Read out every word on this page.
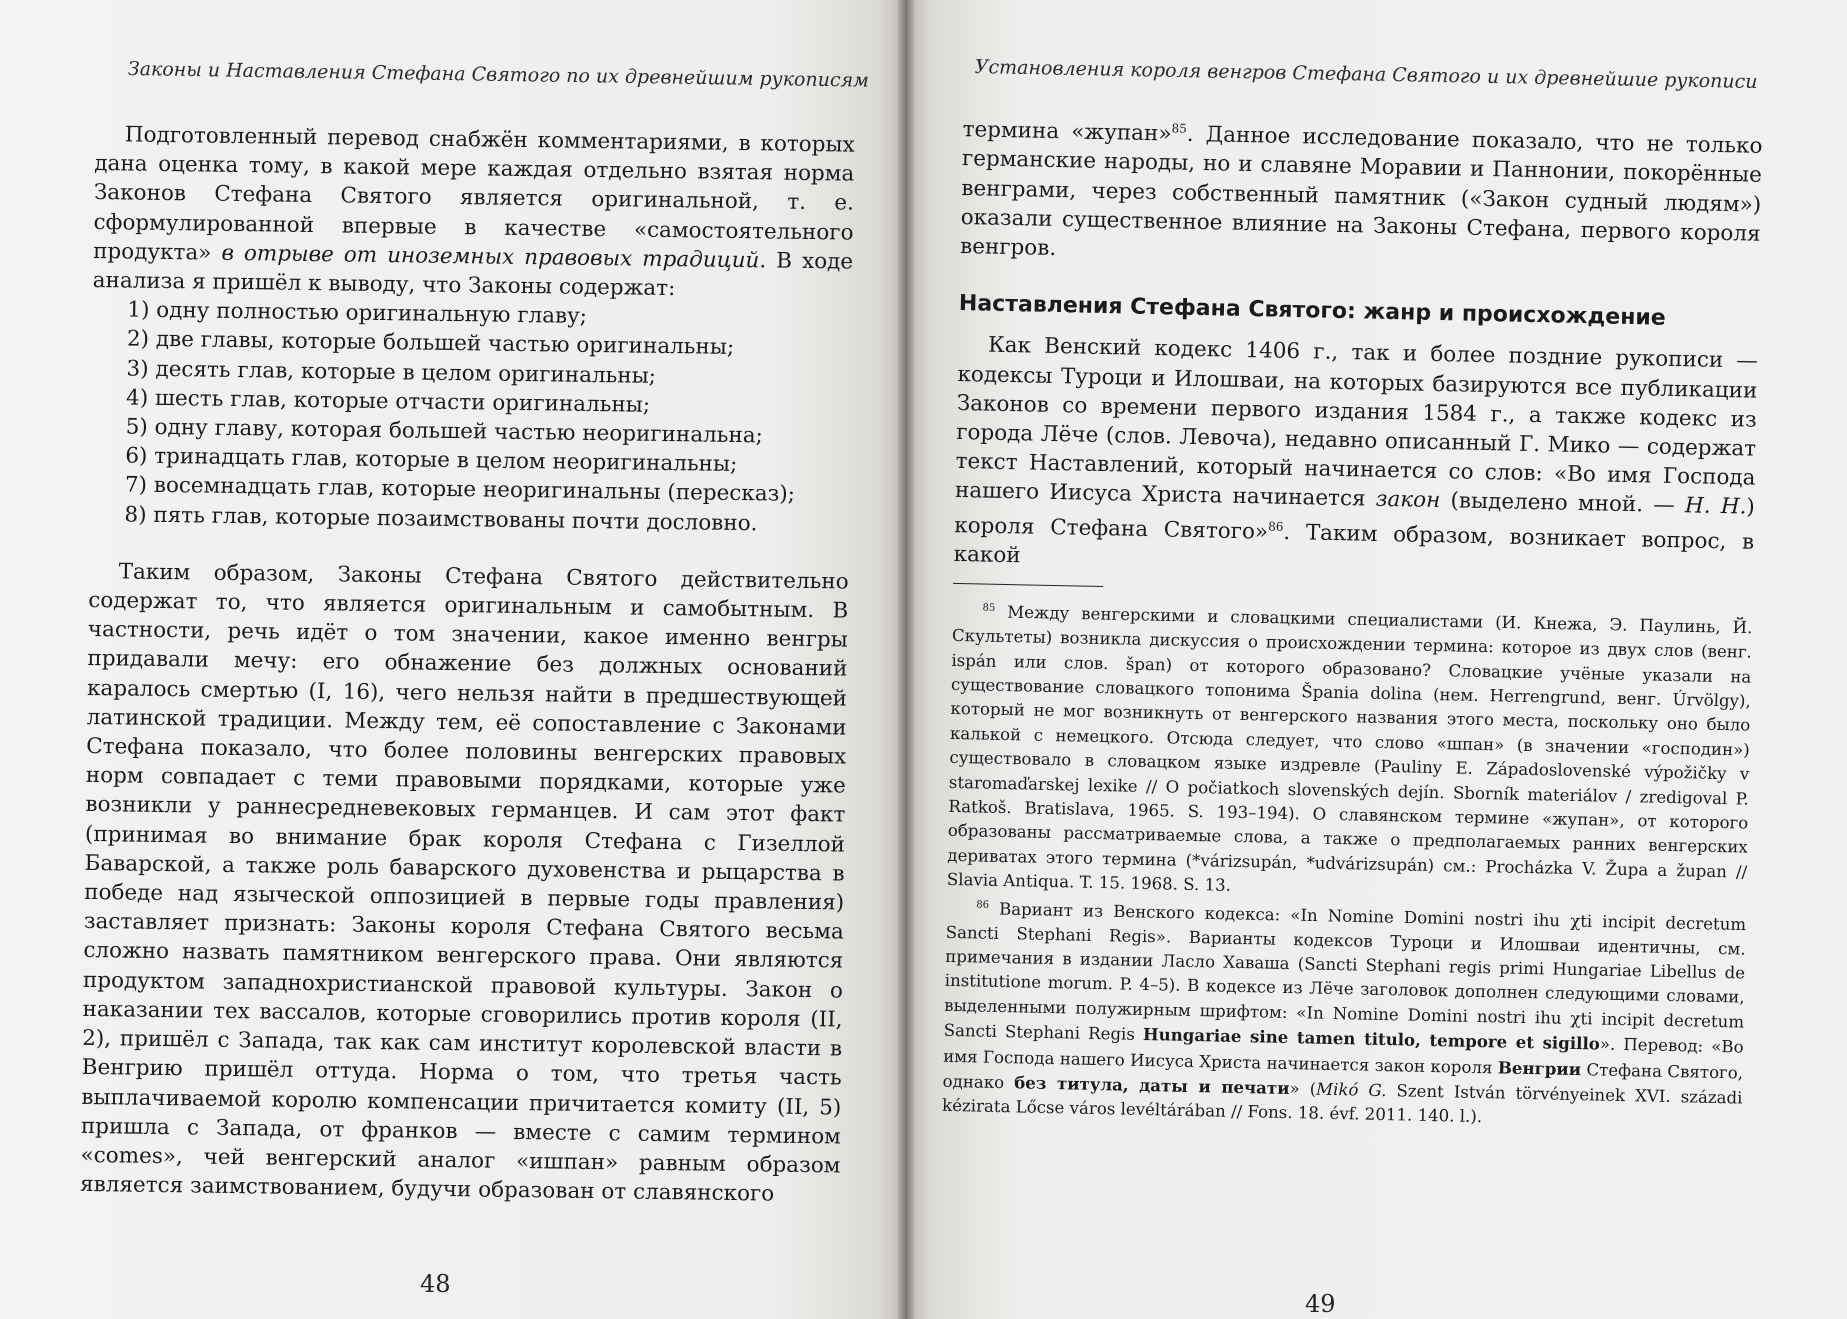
Законы и Наставления Стефана Святого по их древнейшим рукописям

Подготовленный перевод снабжён комментариями, в которых дана оценка тому, в какой мере каждая отдельно взятая норма Законов Стефана Святого является оригинальной, т. е. сформулированной впервые в качестве «самостоятельного продукта» в отрыве от иноземных правовых традиций. В ходе анализа я пришёл к выводу, что Законы содержат:

1) одну полностью оригинальную главу;
2) две главы, которые большей частью оригинальны;
3) десять глав, которые в целом оригинальны;
4) шесть глав, которые отчасти оригинальны;
5) одну главу, которая большей частью неоригинальна;
6) тринадцать глав, которые в целом неоригинальны;
7) восемнадцать глав, которые неоригинальны (пересказ);
8) пять глав, которые позаимствованы почти дословно.

Таким образом, Законы Стефана Святого действительно содержат то, что является оригинальным и самобытным. В частности, речь идёт о том значении, какое именно венгры придавали мечу: его обнажение без должных оснований каралось смертью (I, 16), чего нельзя найти в предшествующей латинской традиции. Между тем, её сопоставление с Законами Стефана показало, что более половины венгерских правовых норм совпадает с теми правовыми порядками, которые уже возникли у раннесредневековых германцев. И сам этот факт (принимая во внимание брак короля Стефана с Гизеллой Баварской, а также роль баварского духовенства и рыцарства в победе над языческой оппозицией в первые годы правления) заставляет признать: Законы короля Стефана Святого весьма сложно назвать памятником венгерского права. Они являются продуктом западнохристианской правовой культуры. Закон о наказании тех вассалов, которые сговорились против короля (II, 2), пришёл с Запада, так как сам институт королевской власти в Венгрию пришёл оттуда. Норма о том, что третья часть выплачиваемой королю компенсации причитается комиту (II, 5) пришла с Запада, от франков — вместе с самим термином «comes», чей венгерский аналог «ишпан» равным образом является заимствованием, будучи образован от славянского

48
Установления короля венгров Стефана Святого и их древнейшие рукописи

термина «жупан»$^{85}$. Данное исследование показало, что не только германские народы, но и славяне Моравии и Паннонии, покорённые венграми, через собственный памятник («Закон судный людям») оказали существенное влияние на Законы Стефана, первого короля венгров.

Наставления Стефана Святого: жанр и происхождение

Как Венский кодекс 1406 г., так и более поздние рукописи — кодексы Туроци и Илошваи, на которых базируются все публикации Законов со времени первого издания 1584 г., а также кодекс из города Лёче (слов. Левоча), недавно описанный Г. Мико — содержат текст Наставлений, который начинается со слов: «Во имя Господа нашего Иисуса Христа начинается закон (выделено мной. — Н. Н.) короля Стефана Святого»$^{86}$. Таким образом, возникает вопрос, в какой

$^{85}$ Между венгерскими и словацкими специалистами (И. Кнежа, Э. Паулинь, Й. Скультеты) возникла дискуссия о происхождении термина: которое из двух слов (венг. ispán или слов. špan) от которого образовано? Словацкие учёные указали на существование словацкого топонима Špania dolina (нем. Herrengrund, венг. Úrvölgy), который не мог возникнуть от венгерского названия этого места, поскольку оно было калькой с немецкого. Отсюда следует, что слово «шпан» (в значении «господин») существовало в словацком языке издревле (Pauliny E. Západoslovenské výpožičky v staromaďarskej lexike // O počiatkoch slovenských dejín. Sborník materiálov / zredigoval P. Ratkoš. Bratislava, 1965. S. 193–194). О славянском термине «жупан», от которого образованы рассматриваемые слова, а также о предполагаемых ранних венгерских дериватах этого термина (*várizsupán, *udvárizsupán) см.: Procházka V. Župa a župan // Slavia Antiqua. T. 15. 1968. S. 13.

$^{86}$ Вариант из Венского кодекса: «In Nomine Domini nostri ihu χti incipit decretum Sancti Stephani Regis». Варианты кодексов Туроци и Илошваи идентичны, см. примечания в издании Ласло Хаваша (Sancti Stephani regis primi Hungariae Libellus de institutione morum. P. 4–5). В кодексе из Лёче заголовок дополнен следующими словами, выделенными полужирным шрифтом: «In Nomine Domini nostri ihu χti incipit decretum Sancti Stephani Regis Hungariae sine tamen titulo, tempore et sigillo». Перевод: «Во имя Господа нашего Иисуса Христа начинается закон короля Венгрии Стефана Святого, однако без титула, даты и печати» (Mikó G. Szent István törvényeinek XVI. századi kézirata Lőcse város levéltárában // Fons. 18. évf. 2011. 140. l.).

49
